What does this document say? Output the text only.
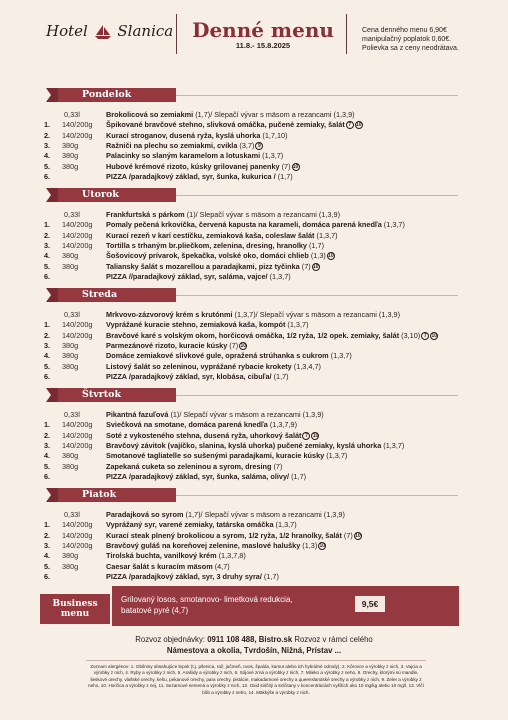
Hotel Slanica Denné menu
11.8.- 15.8.2025
Cena denného menu 6,90€
manipulačný poplatok 0,60€.
Polievka sa z ceny neodrátava.
Pondelok
0,33l	Brokolicová so zemiakmi (1,7)/ Slepačí vývar s mäsom a rezancami (1,3,9)
1.	140/200g Špikované bravčové stehno, slivková omáčka, pučené zemiaky, šalát 7 10
2.	140/200g Kurací stroganov, dusená ryža, kyslá uhorka (1,7,10)
3.	380g	Ražniči na plechu so zemiakmi, cvikla (3,7) 9
4.	380g	Palacinky so slaným karamelom a lotuskami (1,3,7)
5.	380g	Hubové krémové rizoto, kúsky grilovanej panenky (7) 10
6.	PIZZA /paradajkový základ, syr, šunka, kukurica / (1,7)
Utorok
0,33l	Frankfurtská s párkom (1)/ Slepačí vývar s mäsom a rezancami (1,3,9)
1.	140/200g Pomaly pečená krkovička, červená kapusta na karameli, domáca parená knedľa (1,3,7)
2.	140/200g Kurací rezeň v karí cestíčku, zemiaková kaša, coleslaw šalát (1,3,7)
3.	140/200g Tortilla s trhaným br.pliečkom, zelenina, dresing, hranolky (1,7)
4.	380g	Šošovicový prívarok, špekačka, volské oko, domáci chlieb (1,3) 10
5.	380g	Taliansky šalát s mozarellou a paradajkami, pizz tyčinka (7) 10
6.	PIZZA //paradajkový základ, syr, saláma, vajce/ (1,3,7)
Streda
0,33l	Mrkvovo-zázvorový krém s krutónmi (1,3,7)/ Slepačí vývar s mäsom a rezancami (1,3,9)
1.	140/200g Vyprážané kuracie stehno, zemiaková kaša, kompót (1,3,7)
2.	140/200g Bravčové karé s volským okom, horčicová omáčka, 1/2 ryža, 1/2 opek. zemiaky, šalát (3,10) 7 10
3.	380g	Parmezánové rizoto, kuracie kúsky (7) 10
4.	380g	Domáce zemiakové slivkové gule, opražená strúhanka s cukrom (1,3,7)
5.	380g	Listový šalát so zeleninou, vyprážané rybacie krokety (1,3,4,7)
6.	PIZZA /paradajkový základ, syr, klobása, cibuľa/ (1,7)
Štvrtok
0,33l	Pikantná fazuľová (1)/ Slepačí vývar s mäsom a rezancami (1,3,9)
1.	140/200g Sviečková na smotane, domáca parená knedľa (1,3,7,9)
2.	140/200g Soté z vykosteného stehna, dusená ryža, uhorkový šalát 7 10
3.	140/200g Bravčový závitok (vajíčko, slanina, kyslá uhorka) pučené zemiaky, kyslá uhorka (1,3,7)
4.	380g	Smotanové tagliatelle so sušenými paradajkami, kuracie kúsky (1,3,7)
5.	380g	Zapekaná cuketa so zeleninou a syrom, dresing (7)
6.	PIZZA /paradajkový základ, syr, šunka, saláma, olivy/ (1,7)
Piatok
0,33l	Paradajková so syrom (1,7)/ Slepačí vývar s mäsom a rezancami (1,3,9)
1.	140/200g Vyprážaný syr, varené zemiaky, tatárska omáčka (1,3,7)
2.	140/200g Kurací steak plnený brokolicou a syrom, 1/2 ryža, 1/2 hranolky, šalát (7) 10
3.	140/200g Bravčový guláš na koreňovej zelenine, maslové halušky (1,3) 10
4.	380g	Tirolská buchta, vanilkový krém (1,3,7,8)
5.	380g	Caesar šalát s kuracím mäsom (4,7)
6.	PIZZA /paradajkový základ, syr, 3 druhy syra/ (1,7)
Grilovaný losos, smotanovo- limetková redukcia,
batatové pyré (4,7)
Business
menu
9,5€
Rozvoz objednávky: 0911 108 488, Bistro.sk Rozvoz v rámci celého
Námestova a okolia, Tvrdošín, Nižná, Prístav ...
Zoznam alergénov: 1. Obilniny obsahujúce lepok (t.j. pšenica, raž, jačmeň, ovos, špalda, kamut alebo ich hybridné odrody), 2. Kôrovce a výrobky z nich, 3. Vajcia a výrobky z nich, 4. Ryby a výrobky z nich, 5. Arašidy a výrobky z nich, 6. Sójové zrná a výrobky z nich, 7. Mlieko a výrobky z neho, 8. Orechy, ktorými sú mandle, lieskové orechy, vlašské orechy, kešu, pekanové orechy, para orechy, pistácie, makadamové orechy a queenslandské orechy a výrobky z nich, 9. Zeler a výrobky z neho, 10. Horčica a výrobky z nej, 11. Sezamové semená a výrobky z nich, 12. Oxid siričitý a siričitany v koncentráciách vyšších ako 10 mg/kg alebo 10 mg/l, 13. Vlčí bôb a výrobky z neho, 14. Mäkkýše a výrobky z nich.
